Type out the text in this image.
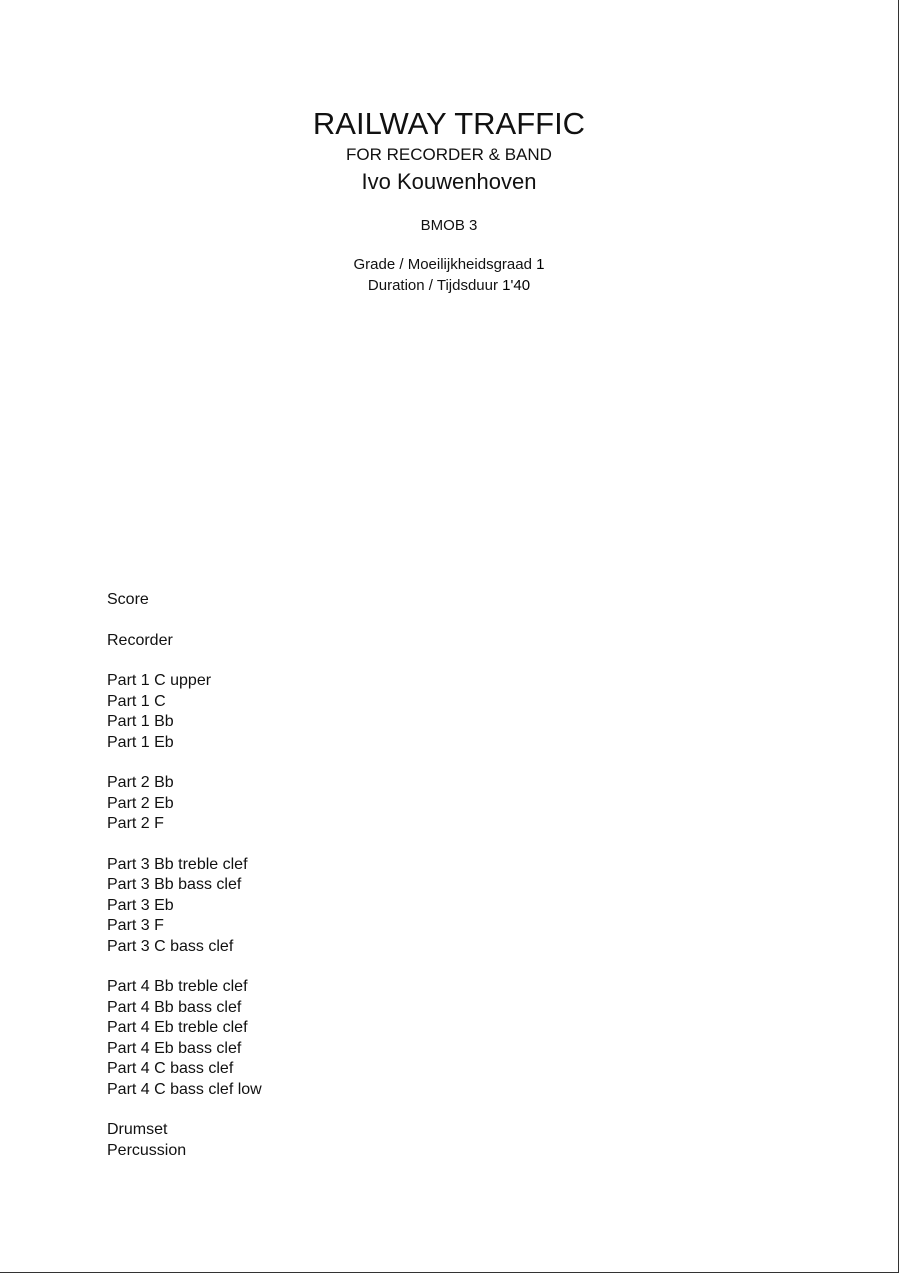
RAILWAY TRAFFIC
FOR RECORDER & BAND
Ivo Kouwenhoven
BMOB 3
Grade / Moeilijkheidsgraad 1
Duration / Tijdsduur 1'40
Score
Recorder
Part 1 C upper
Part 1 C
Part 1 Bb
Part 1 Eb
Part 2 Bb
Part 2 Eb
Part 2 F
Part 3 Bb treble clef
Part 3 Bb bass clef
Part 3 Eb
Part 3 F
Part 3 C bass clef
Part 4 Bb treble clef
Part 4 Bb bass clef
Part 4 Eb treble clef
Part 4 Eb bass clef
Part 4 C bass clef
Part 4 C bass clef low
Drumset
Percussion
